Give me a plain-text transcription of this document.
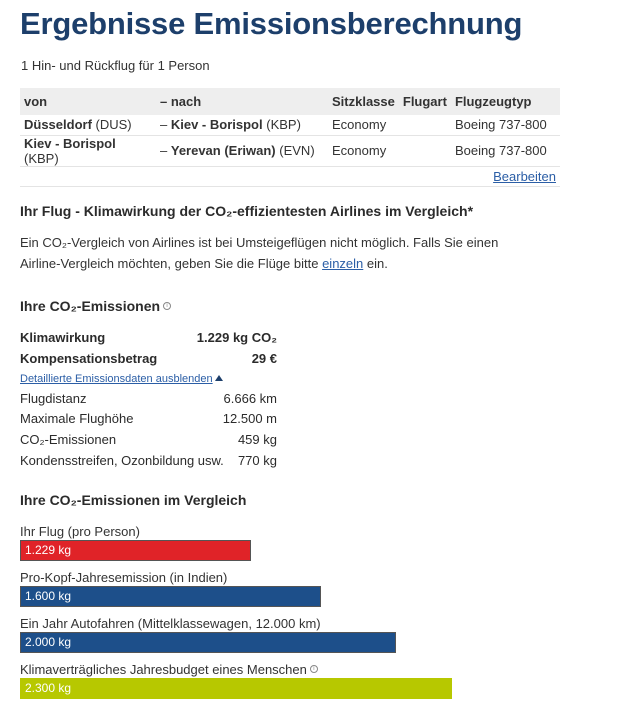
Ergebnisse Emissionsberechnung
1 Hin- und Rückflug für 1 Person
von	– nach	Sitzklasse	Flugart	Flugzeugtyp
Düsseldorf (DUS)	– Kiev - Borispol (KBP)	Economy		Boeing 737-800
Kiev - Borispol (KBP)	– Yerevan (Eriwan) (EVN)	Economy		Boeing 737-800
Bearbeiten				
Ihr Flug - Klimawirkung der CO₂-effizientesten Airlines im Vergleich*
Ein CO₂-Vergleich von Airlines ist bei Umsteigeflügen nicht möglich. Falls Sie einen Airline-Vergleich möchten, geben Sie die Flüge bitte einzeln ein.
Ihre CO₂-Emissionen i
Klimawirkung	1.229 kg CO₂
Kompensationsbetrag	29 €
Detaillierte Emissionsdaten ausblenden
Flugdistanz	6.666 km
Maximale Flughöhe	12.500 m
CO₂-Emissionen	459 kg
Kondensstreifen, Ozonbildung usw. 770 kg
Ihre CO₂-Emissionen im Vergleich
Ihr Flug (pro Person)
1.229 kg
Pro-Kopf-Jahresemission (in Indien)
1.600 kg
Ein Jahr Autofahren (Mittelklassewagen, 12.000 km)
2.000 kg
Klimaverträgliches Jahresbudget eines Menschen i
2.300 kg
